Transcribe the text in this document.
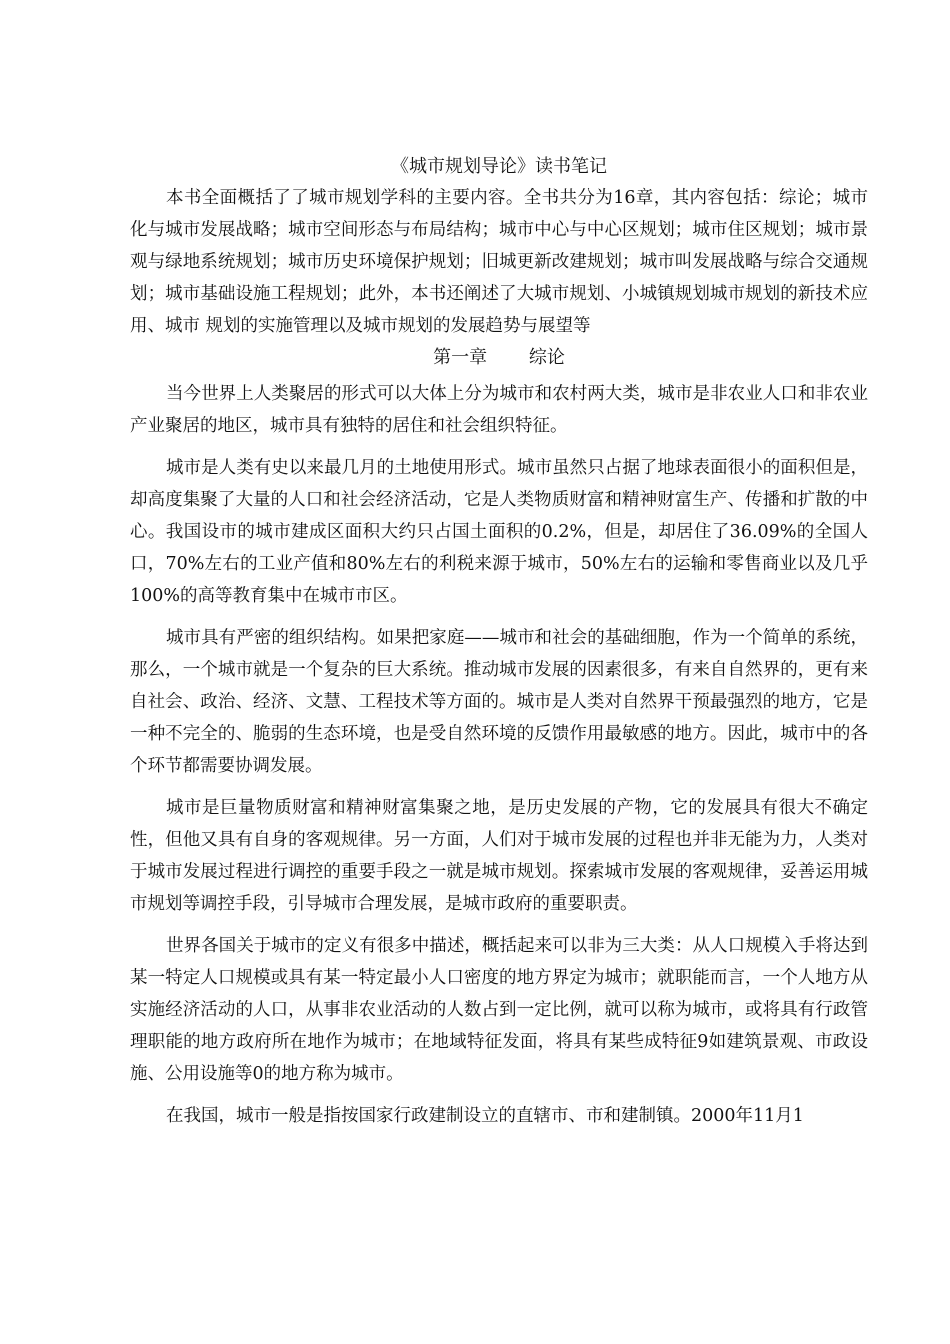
《城市规划导论》读书笔记

本书全面概括了了城市规划学科的主要内容。全书共分为16章，其内容包括：综论；城市化与城市发展战略；城市空间形态与布局结构；城市中心与中心区规划；城市住区规划；城市景观与绿地系统规划；城市历史环境保护规划；旧城更新改建规划；城市叫发展战略与综合交通规划；城市基础设施工程规划；此外，本书还阐述了大城市规划、小城镇规划城市规划的新技术应用、城市 规划的实施管理以及城市规划的发展趋势与展望等

第一章 综论

当今世界上人类聚居的形式可以大体上分为城市和农村两大类，城市是非农业人口和非农业产业聚居的地区，城市具有独特的居住和社会组织特征。

城市是人类有史以来最几月的土地使用形式。城市虽然只占据了地球表面很小的面积但是，却高度集聚了大量的人口和社会经济活动，它是人类物质财富和精神财富生产、传播和扩散的中心。我国设市的城市建成区面积大约只占国土面积的0.2%，但是，却居住了36.09%的全国人口，70%左右的工业产值和80%左右的利税来源于城市，50%左右的运输和零售商业以及几乎100%的高等教育集中在城市市区。

城市具有严密的组织结构。如果把家庭——城市和社会的基础细胞，作为一个简单的系统，那么，一个城市就是一个复杂的巨大系统。推动城市发展的因素很多，有来自自然界的，更有来自社会、政治、经济、文慧、工程技术等方面的。城市是人类对自然界干预最强烈的地方，它是一种不完全的、脆弱的生态环境，也是受自然环境的反馈作用最敏感的地方。因此，城市中的各个环节都需要协调发展。

城市是巨量物质财富和精神财富集聚之地，是历史发展的产物，它的发展具有很大不确定性，但他又具有自身的客观规律。另一方面，人们对于城市发展的过程也并非无能为力，人类对于城市发展过程进行调控的重要手段之一就是城市规划。探索城市发展的客观规律，妥善运用城市规划等调控手段，引导城市合理发展，是城市政府的重要职责。

世界各国关于城市的定义有很多中描述，概括起来可以非为三大类：从人口规模入手将达到某一特定人口规模或具有某一特定最小人口密度的地方界定为城市；就职能而言，一个人地方从实施经济活动的人口，从事非农业活动的人数占到一定比例，就可以称为城市，或将具有行政管理职能的地方政府所在地作为城市；在地域特征发面，将具有某些成特征9如建筑景观、市政设施、公用设施等0的地方称为城市。

在我国，城市一般是指按国家行政建制设立的直辖市、市和建制镇。2000年11月1
